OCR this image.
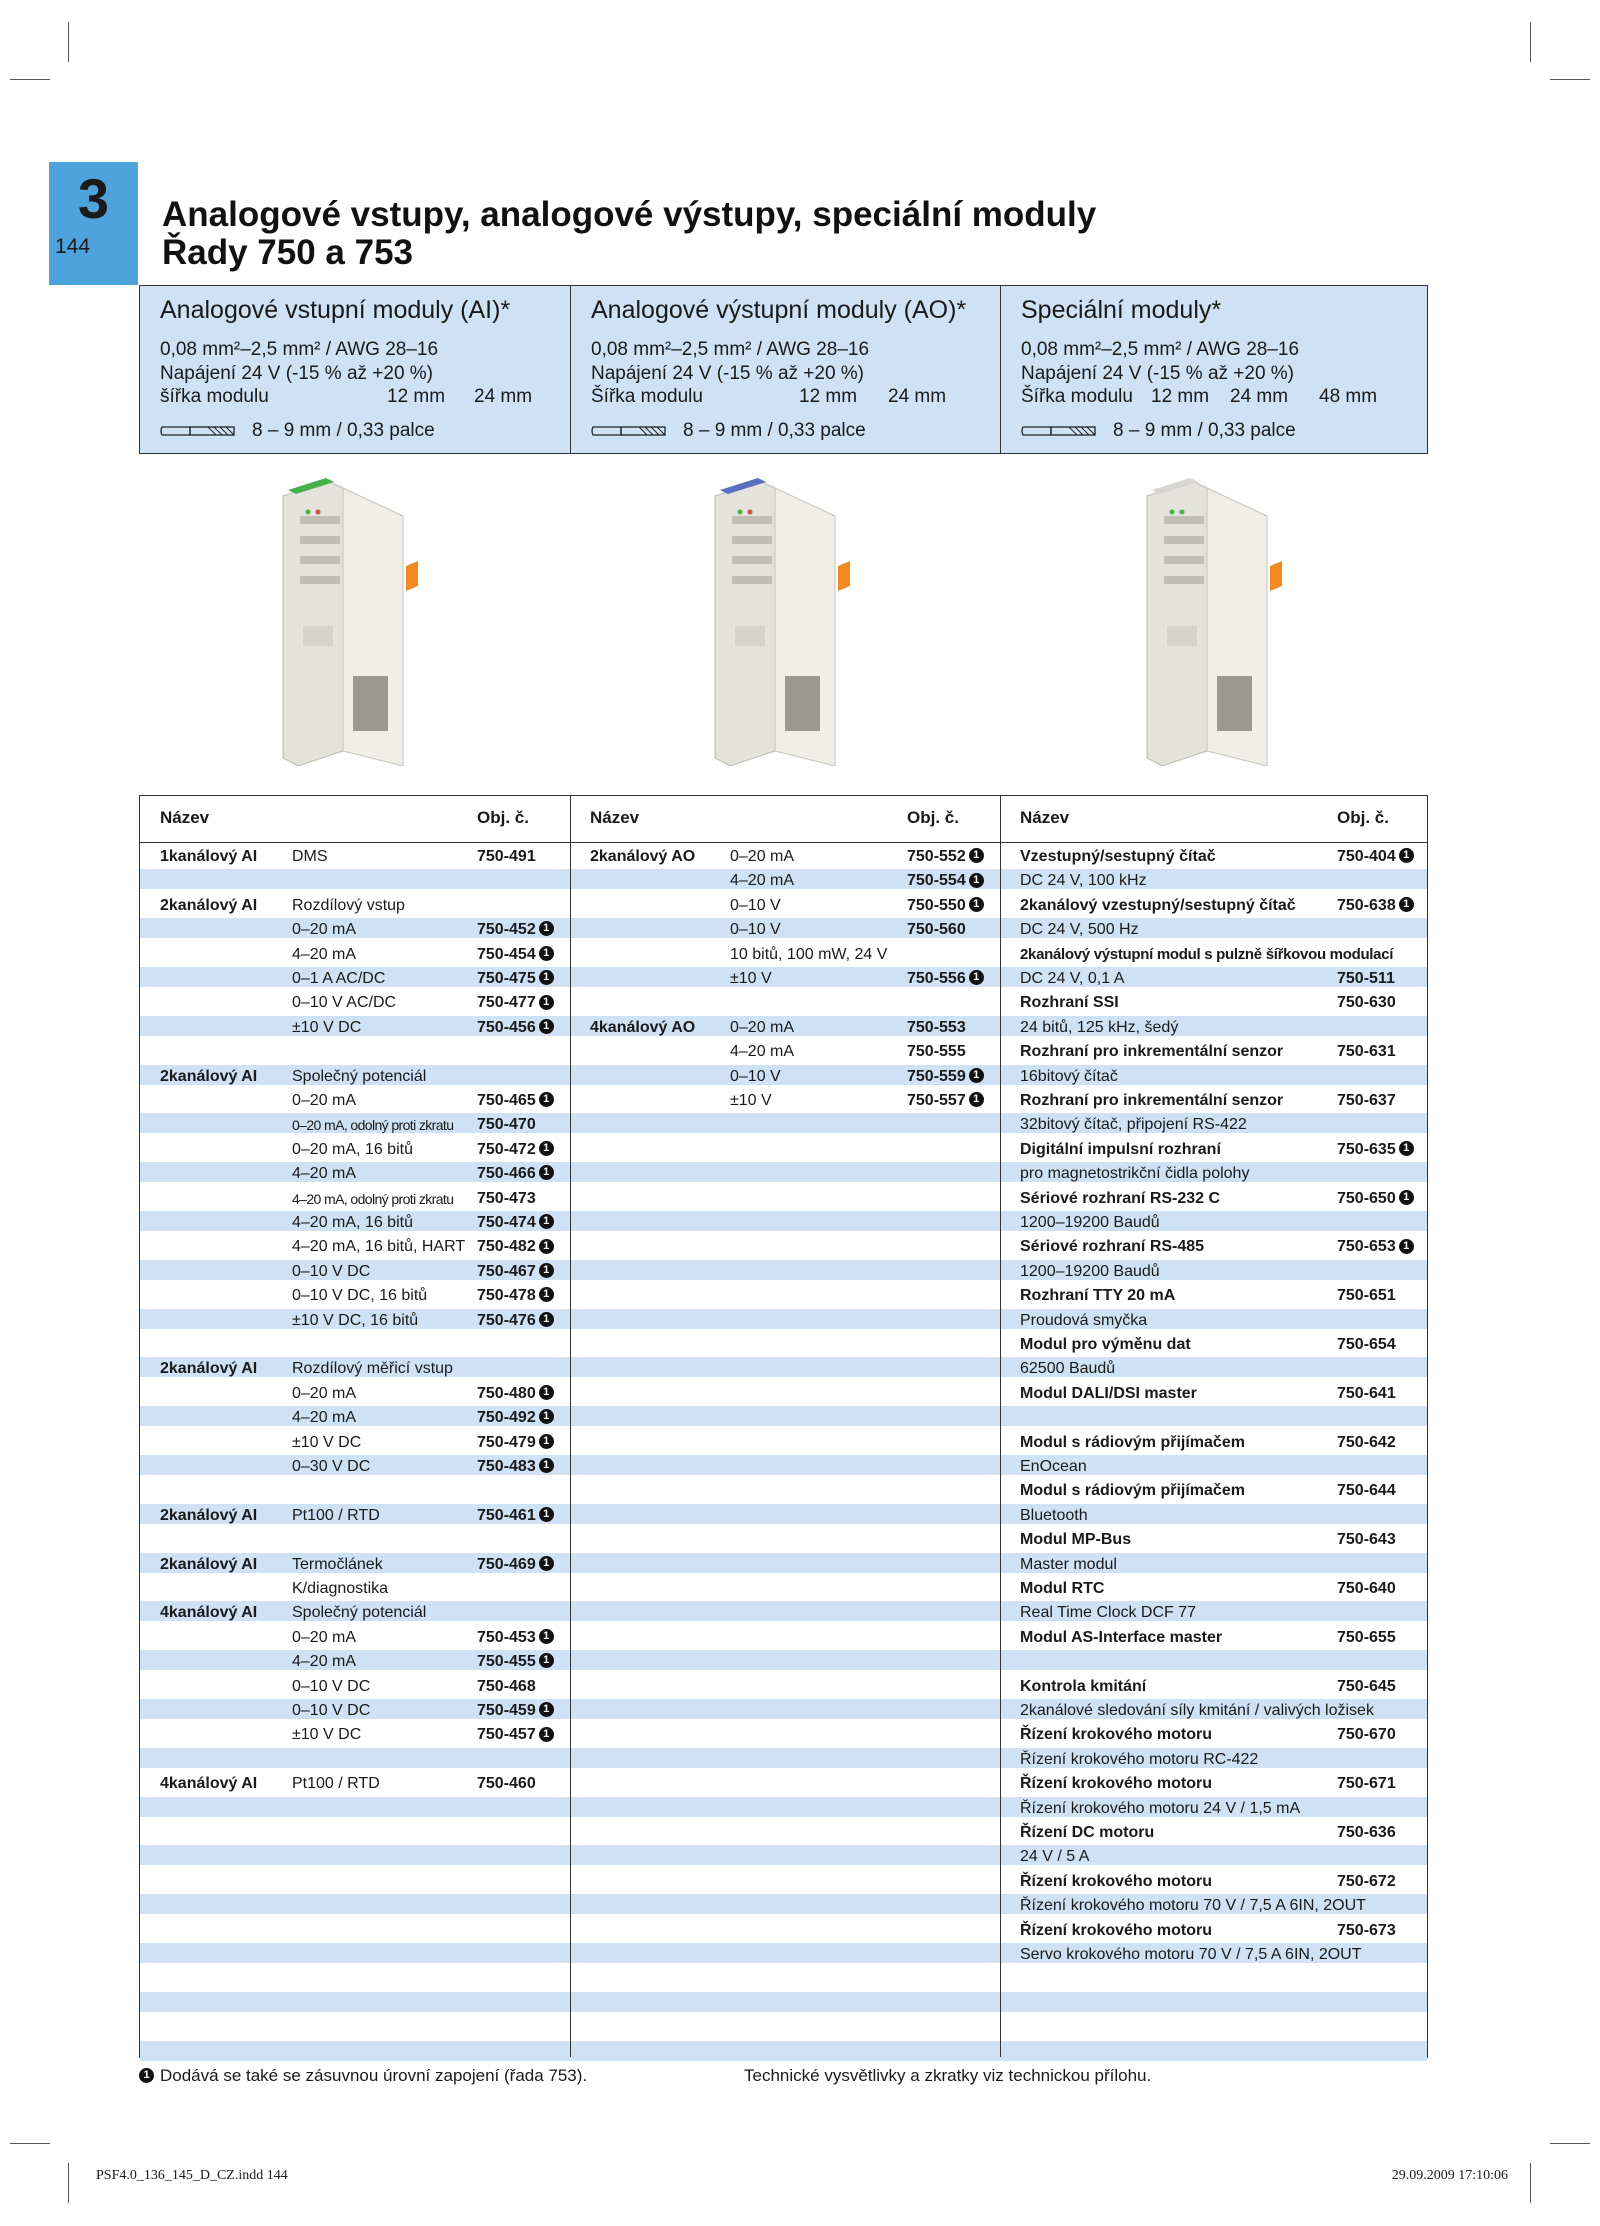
3
144
Analogové vstupy, analogové výstupy, speciální moduly
Řady 750 a 753
Analogové vstupní moduly (AI)*
0,08 mm²–2,5 mm² / AWG 28–16
Napájení 24 V (-15 % až +20 %)
šířka modulu	12 mm 24 mm
8 – 9 mm / 0,33 palce
Analogové výstupní moduly (AO)*
0,08 mm²–2,5 mm² / AWG 28–16
Napájení 24 V (-15 % až +20 %)
Šířka modulu	12 mm 24 mm
8 – 9 mm / 0,33 palce
Speciální moduly*
0,08 mm²–2,5 mm² / AWG 28–16
Napájení 24 V (-15 % až +20 %)
Šířka modulu 12 mm 24 mm 48 mm
8 – 9 mm / 0,33 palce
Název	Obj. č.	Název	Obj. č.	Název	Obj. č.
1kanálový AI DMS	750-491
2kanálový AI Rozdílový vstup
0–20 mA	750-452 1
4–20 mA	750-454 1
0–1 A AC/DC	750-475 1
0–10 V AC/DC	750-477 1
±10 V DC	750-456 1
2kanálový AI Společný potenciál
0–20 mA	750-465 1
0–20 mA, odolný proti zkratu 750-470
0–20 mA, 16 bitů	750-472 1
4–20 mA	750-466 1
4–20 mA, odolný proti zkratu 750-473
4–20 mA, 16 bitů	750-474 1
4–20 mA, 16 bitů, HART 750-482 1
0–10 V DC	750-467 1
0–10 V DC, 16 bitů	750-478 1
±10 V DC, 16 bitů	750-476 1
2kanálový AI Rozdílový měřicí vstup
0–20 mA	750-480 1
4–20 mA	750-492 1
±10 V DC	750-479 1
0–30 V DC	750-483 1
2kanálový AI Pt100 / RTD	750-461 1
2kanálový AI Termočlánek	750-469 1
K/diagnostika
4kanálový AI Společný potenciál
0–20 mA	750-453 1
4–20 mA	750-455 1
0–10 V DC	750-468
0–10 V DC	750-459 1
±10 V DC	750-457 1
4kanálový AI Pt100 / RTD	750-460
2kanálový AO 0–20 mA	750-552 1
4–20 mA	750-554 1
0–10 V	750-550 1
0–10 V	750-560
10 bitů, 100 mW, 24 V
±10 V	750-556 1
4kanálový AO 0–20 mA	750-553
4–20 mA	750-555
0–10 V	750-559 1
±10 V	750-557 1
Vzestupný/sestupný čítač	750-404 1
DC 24 V, 100 kHz
2kanálový vzestupný/sestupný čítač	750-638 1
DC 24 V, 500 Hz
2kanálový výstupní modul s pulzně šířkovou modulací
DC 24 V, 0,1 A	750-511
Rozhraní SSI	750-630
24 bitů, 125 kHz, šedý
Rozhraní pro inkrementální senzor	750-631
16bitový čítač
Rozhraní pro inkrementální senzor	750-637
32bitový čítač, připojení RS-422
Digitální impulsní rozhraní	750-635 1
pro magnetostrikční čidla polohy
Sériové rozhraní RS-232 C	750-650 1
1200–19200 Baudů
Sériové rozhraní RS-485	750-653 1
1200–19200 Baudů
Rozhraní TTY 20 mA	750-651
Proudová smyčka
Modul pro výměnu dat	750-654
62500 Baudů
Modul DALI/DSI master	750-641
Modul s rádiovým přijímačem	750-642
EnOcean
Modul s rádiovým přijímačem	750-644
Bluetooth
Modul MP-Bus	750-643
Master modul
Modul RTC	750-640
Real Time Clock DCF 77
Modul AS-Interface master	750-655
Kontrola kmitání	750-645
2kanálové sledování síly kmitání / valivých ložisek
Řízení krokového motoru	750-670
Řízení krokového motoru RC-422
Řízení krokového motoru	750-671
Řízení krokového motoru 24 V / 1,5 mA
Řízení DC motoru	750-636
24 V / 5 A
Řízení krokového motoru	750-672
Řízení krokového motoru 70 V / 7,5 A 6IN, 2OUT
Řízení krokového motoru	750-673
Servo krokového motoru 70 V / 7,5 A 6IN, 2OUT
1 Dodává se také se zásuvnou úrovní zapojení (řada 753).	Technické vysvětlivky a zkratky viz technickou přílohu.
PSF4.0_136_145_D_CZ.indd 144	29.09.2009 17:10:06
